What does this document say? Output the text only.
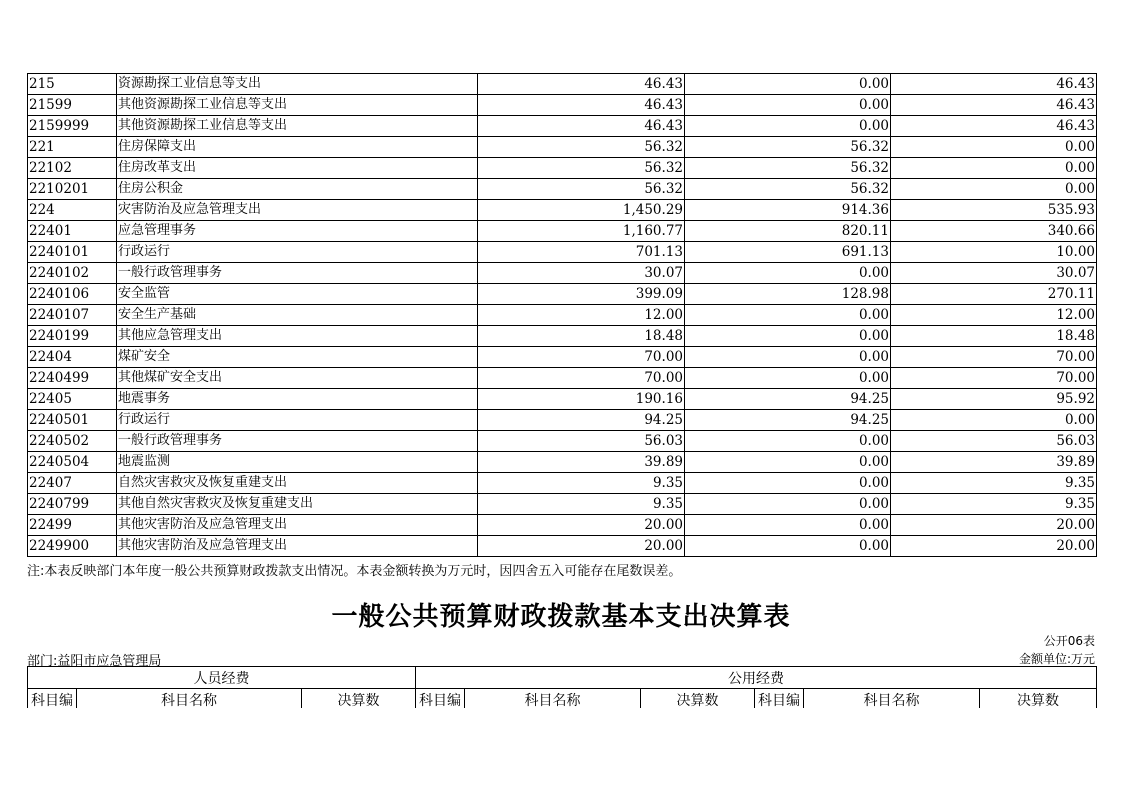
215	资源勘探工业信息等支出	46.43	0.00	46.43
21599	其他资源勘探工业信息等支出	46.43	0.00	46.43
2159999	其他资源勘探工业信息等支出	46.43	0.00	46.43
221	住房保障支出	56.32	56.32	0.00
22102	住房改革支出	56.32	56.32	0.00
2210201	住房公积金	56.32	56.32	0.00
224	灾害防治及应急管理支出	1,450.29	914.36	535.93
22401	应急管理事务	1,160.77	820.11	340.66
2240101	行政运行	701.13	691.13	10.00
2240102	一般行政管理事务	30.07	0.00	30.07
2240106	安全监管	399.09	128.98	270.11
2240107	安全生产基础	12.00	0.00	12.00
2240199	其他应急管理支出	18.48	0.00	18.48
22404	煤矿安全	70.00	0.00	70.00
2240499	其他煤矿安全支出	70.00	0.00	70.00
22405	地震事务	190.16	94.25	95.92
2240501	行政运行	94.25	94.25	0.00
2240502	一般行政管理事务	56.03	0.00	56.03
2240504	地震监测	39.89	0.00	39.89
22407	自然灾害救灾及恢复重建支出	9.35	0.00	9.35
2240799	其他自然灾害救灾及恢复重建支出	9.35	0.00	9.35
22499	其他灾害防治及应急管理支出	20.00	0.00	20.00
2249900	其他灾害防治及应急管理支出	20.00	0.00	20.00
注:本表反映部门本年度一般公共预算财政拨款支出情况。本表金额转换为万元时，因四舍五入可能存在尾数误差。
一般公共预算财政拨款基本支出决算表
公开06表
部门:益阳市应急管理局	金额单位:万元
人员经费			公用经费					
科目编	科目名称	决算数	科目编	科目名称	决算数	科目编	科目名称	决算数
